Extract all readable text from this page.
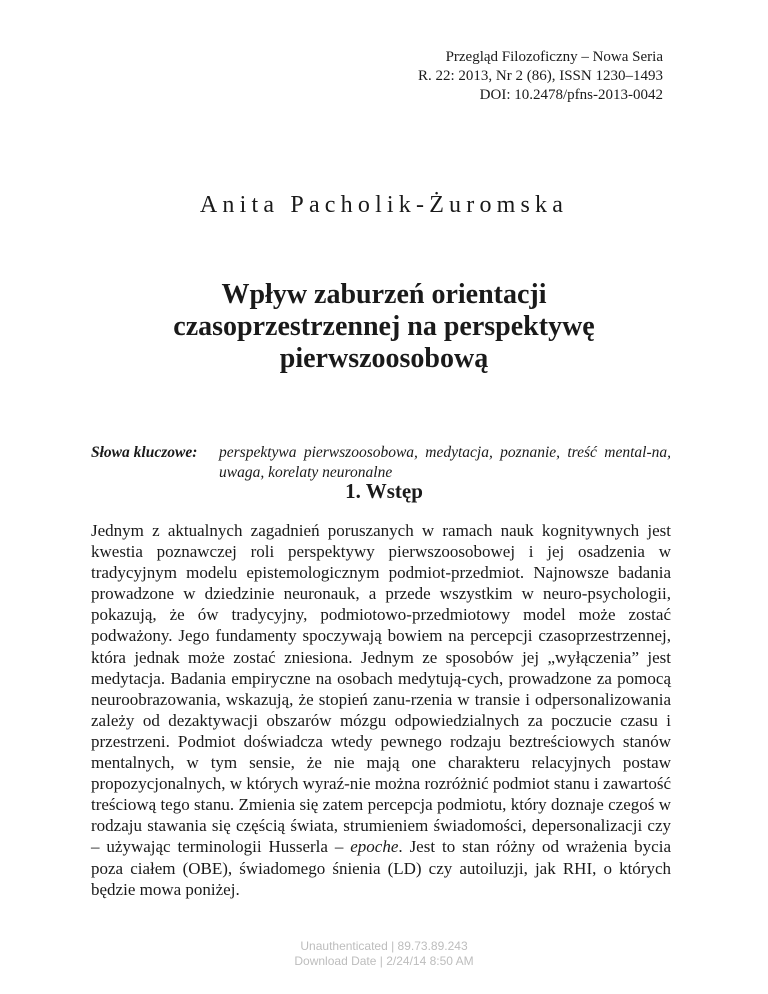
Przegląd Filozoficzny – Nowa Seria
R. 22: 2013, Nr 2 (86), ISSN 1230–1493
DOI: 10.2478/pfns-2013-0042
Anita Pacholik-Żuromska
Wpływ zaburzeń orientacji
czasoprzestrzennej na perspektywę
pierwszoosobową
Słowa kluczowe: perspektywa pierwszoosobowa, medytacja, poznanie, treść mental-na, uwaga, korelaty neuronalne
1. Wstęp
Jednym z aktualnych zagadnień poruszanych w ramach nauk kognitywnych jest kwestia poznawczej roli perspektywy pierwszoosobowej i jej osadzenia w tradycyjnym modelu epistemologicznym podmiot-przedmiot. Najnowsze badania prowadzone w dziedzinie neuronauk, a przede wszystkim w neuro-psychologii, pokazują, że ów tradycyjny, podmiotowo-przedmiotowy model może zostać podważony. Jego fundamenty spoczywają bowiem na percepcji czasoprzestrzennej, która jednak może zostać zniesiona. Jednym ze sposobów jej „wyłączenia” jest medytacja. Badania empiryczne na osobach medytują-cych, prowadzone za pomocą neuroobrazowania, wskazują, że stopień zanu-rzenia w transie i odpersonalizowania zależy od dezaktywacji obszarów mózgu odpowiedzialnych za poczucie czasu i przestrzeni. Podmiot doświadcza wtedy pewnego rodzaju beztreściowych stanów mentalnych, w tym sensie, że nie mają one charakteru relacyjnych postaw propozycjonalnych, w których wyraź-nie można rozróżnić podmiot stanu i zawartość treściową tego stanu. Zmienia się zatem percepcja podmiotu, który doznaje czegoś w rodzaju stawania się częścią świata, strumieniem świadomości, depersonalizacji czy – używając terminologii Husserla – epoche. Jest to stan różny od wrażenia bycia poza ciałem (OBE), świadomego śnienia (LD) czy autoiluzji, jak RHI, o których będzie mowa poniżej.
Unauthenticated | 89.73.89.243
Download Date | 2/24/14 8:50 AM
